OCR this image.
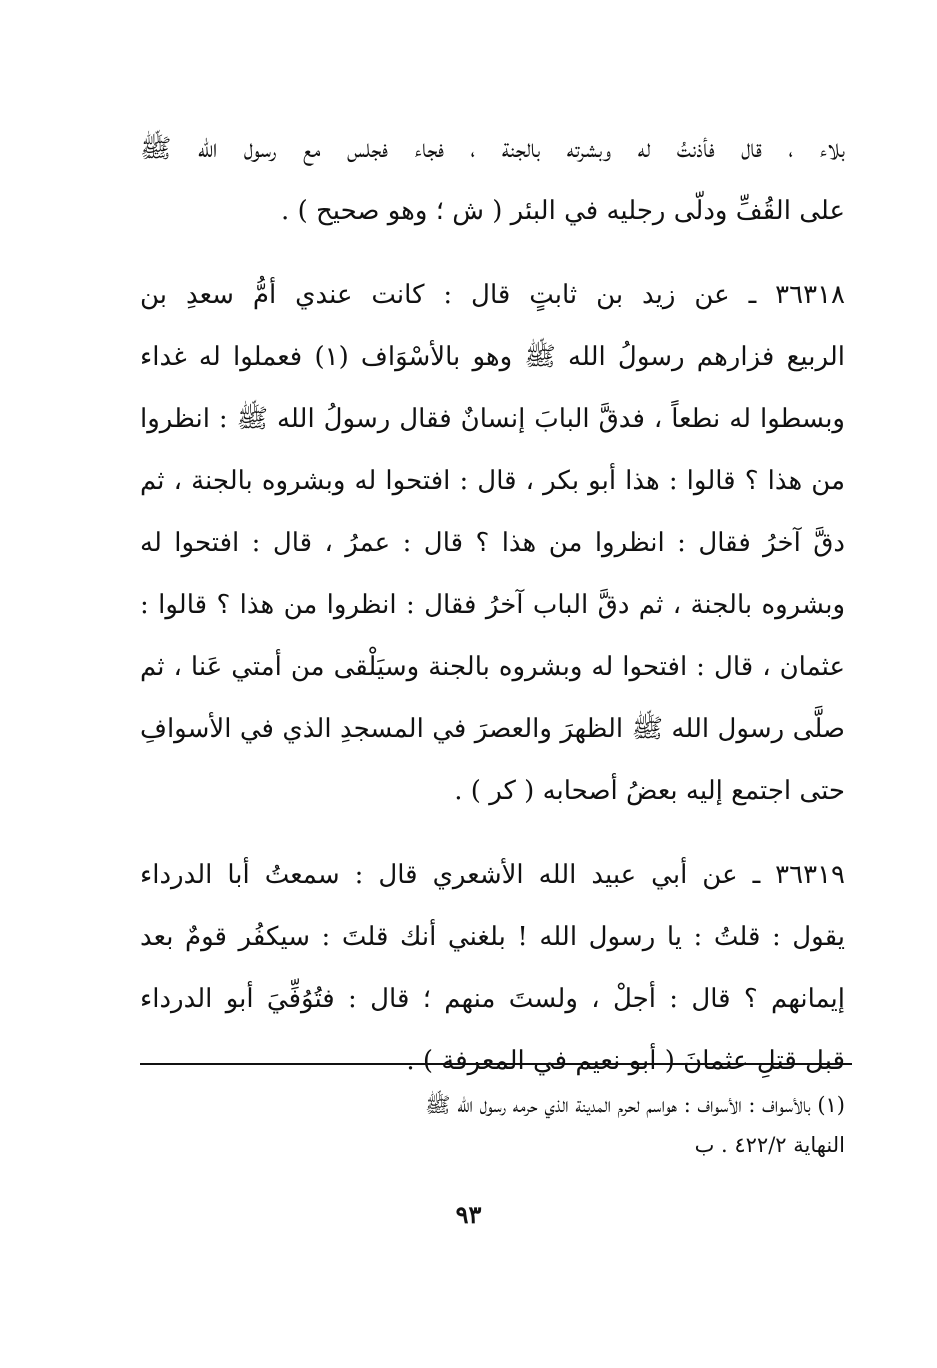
بلاء ، قال فأذنتُ له وبشرته بالجنة ، فجاء فجلس مع رسول الله ﷺ
على القُفِّ ودلّى رجليه في البئر ( ش ؛ وهو صحيح ) .
٣٦٣١٨ ـ عن زيد بن ثابتٍ قال : كانت عندي أمُّ سعدِ بن
الربيع فزارهم رسولُ الله ﷺ وهو بالأسْوَاف (١) فعملوا له غداء
وبسطوا له نطعاً ، فدقَّ البابَ إنسانٌ فقال رسولُ الله ﷺ : انظروا
من هذا ؟ قالوا : هذا أبو بكر ، قال : افتحوا له وبشروه بالجنة ، ثم
دقَّ آخرُ فقال : انظروا من هذا ؟ قال : عمرُ ، قال : افتحوا له
وبشروه بالجنة ، ثم دقَّ الباب آخرُ فقال : انظروا من هذا ؟ قالوا :
عثمان ، قال : افتحوا له وبشروه بالجنة وسيَلْقى من أمتي عَنا ، ثم
صلَّى رسول الله ﷺ الظهرَ والعصرَ في المسجدِ الذي في الأسوافِ
حتى اجتمع إليه بعضُ أصحابه ( كر ) .
٣٦٣١٩ ـ عن أبي عبيد الله الأشعري قال : سمعتُ أبا الدرداء
يقول : قلتُ : يا رسول الله ! بلغني أنك قلتَ : سيكفُر قومٌ بعد
إيمانهم ؟ قال : أجلْ ، ولستَ منهم ؛ قال : فتُوُفِّيَ أبو الدرداء
قبل قتلِ عثمانَ ( أبو نعيم في المعرفة ) .
(١) بالأسواف : الأسواف : هواسم لحرم المدينة الذي حرمه رسول الله ﷺ
النهاية ٤٢٢/٢ . ب
٩٣
